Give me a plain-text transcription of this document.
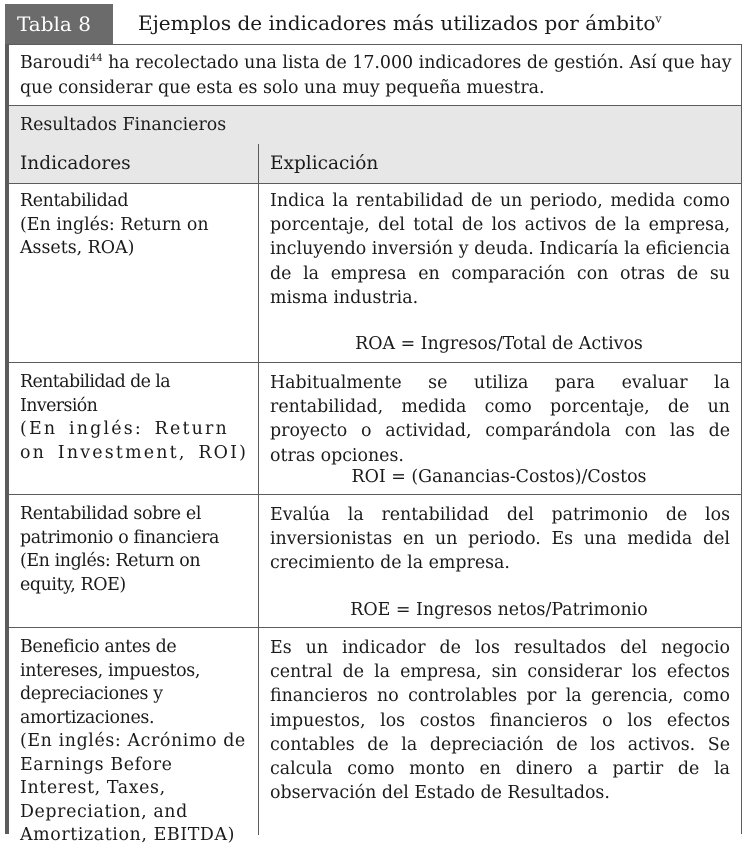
Tabla 8	Ejemplos de indicadores más utilizados por ámbito$^v$
Baroudi$^{44}$ ha recolectado una lista de 17.000 indicadores de gestión. Así que hay que considerar que esta es solo una muy pequeña muestra.
Resultados Financieros
Indicadores	Explicación
Rentabilidad
(En inglés: Return on Assets, ROA)
Indica la rentabilidad de un periodo, medida como porcentaje, del total de los activos de la empresa, incluyendo inversión y deuda. Indicaría la eficiencia de la empresa en comparación con otras de su misma industria.
ROA = Ingresos/Total de Activos
Rentabilidad de la Inversión
(En inglés: Return on Investment, ROI)
Habitualmente se utiliza para evaluar la rentabilidad, medida como porcentaje, de un proyecto o actividad, comparándola con las de otras opciones.
ROI = (Ganancias-Costos)/Costos
Rentabilidad sobre el patrimonio o financiera
(En inglés: Return on equity, ROE)
Evalúa la rentabilidad del patrimonio de los inversionistas en un periodo. Es una medida del crecimiento de la empresa.
ROE = Ingresos netos/Patrimonio
Beneficio antes de intereses, impuestos, depreciaciones y amortizaciones.
(En inglés: Acrónimo de Earnings Before Interest, Taxes, Depreciation, and Amortization, EBITDA)
Es un indicador de los resultados del negocio central de la empresa, sin considerar los efectos financieros no controlables por la gerencia, como impuestos, los costos financieros o los efectos contables de la depreciación de los activos. Se calcula como monto en dinero a partir de la observación del Estado de Resultados.
